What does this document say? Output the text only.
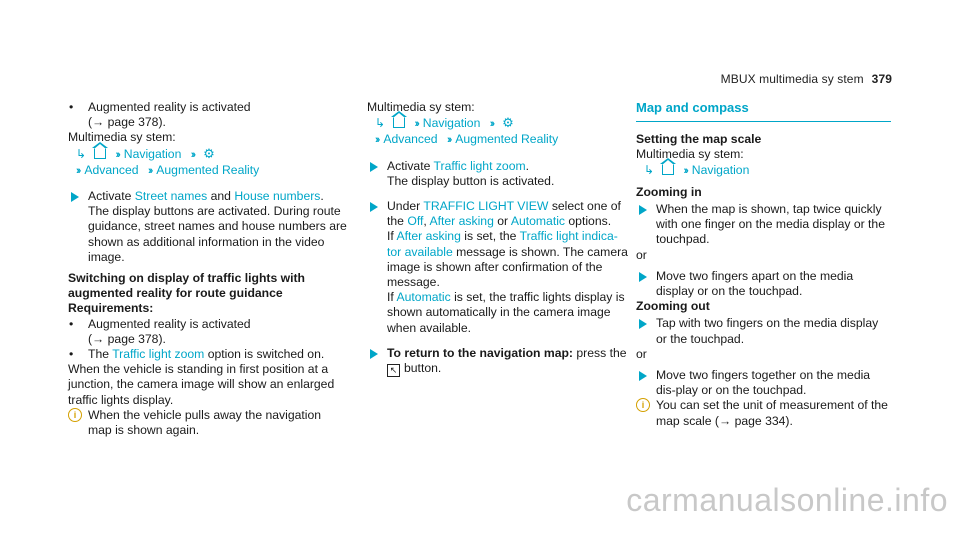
MBUX multimedia sy stem 379
• Augmented reality is activated

(→ page 378).

Multimedia sy stem:

↳	›› Navigation ›› ⚙

›› Advanced ›› Augmented Reality

Activate Street names and House numbers.

The display buttons are activated. During route guidance, street names and house numbers are shown as additional information in the video image.

Switching on display of traffic lights with

augmented reality for route guidance

Requirements:

• Augmented reality is activated

(→ page 378).

• The Traffic light zoom option is switched on.

When the vehicle is standing in first position at a junction, the camera image will show an enlarged traffic lights display.

i When the vehicle pulls away the navigation map is shown again.

Multimedia sy stem:

↳	›› Navigation ›› ⚙

›› Advanced ›› Augmented Reality

Activate Traffic light zoom.

The display button is activated.

Under TRAFFIC LIGHT VIEW select one of the Off, After asking or Automatic options.

If After asking is set, the Traffic light indica-tor available message is shown. The camera image is shown after confirmation of the message.

If Automatic is set, the traffic lights display is shown automatically in the camera image when available.

To return to the navigation map: press the

↖ button.

Map and compass

Setting the map scale

Multimedia sy stem:

↳	›› Navigation

Zooming in

When the map is shown, tap twice quickly with one finger on the media display or the touchpad.

or

Move two fingers apart on the media display or on the touchpad.

Zooming out

Tap with two fingers on the media display or the touchpad.

or

Move two fingers together on the media dis-play or on the touchpad.

i You can set the unit of measurement of the map scale (→ page 334).

carmanualsonline.info
